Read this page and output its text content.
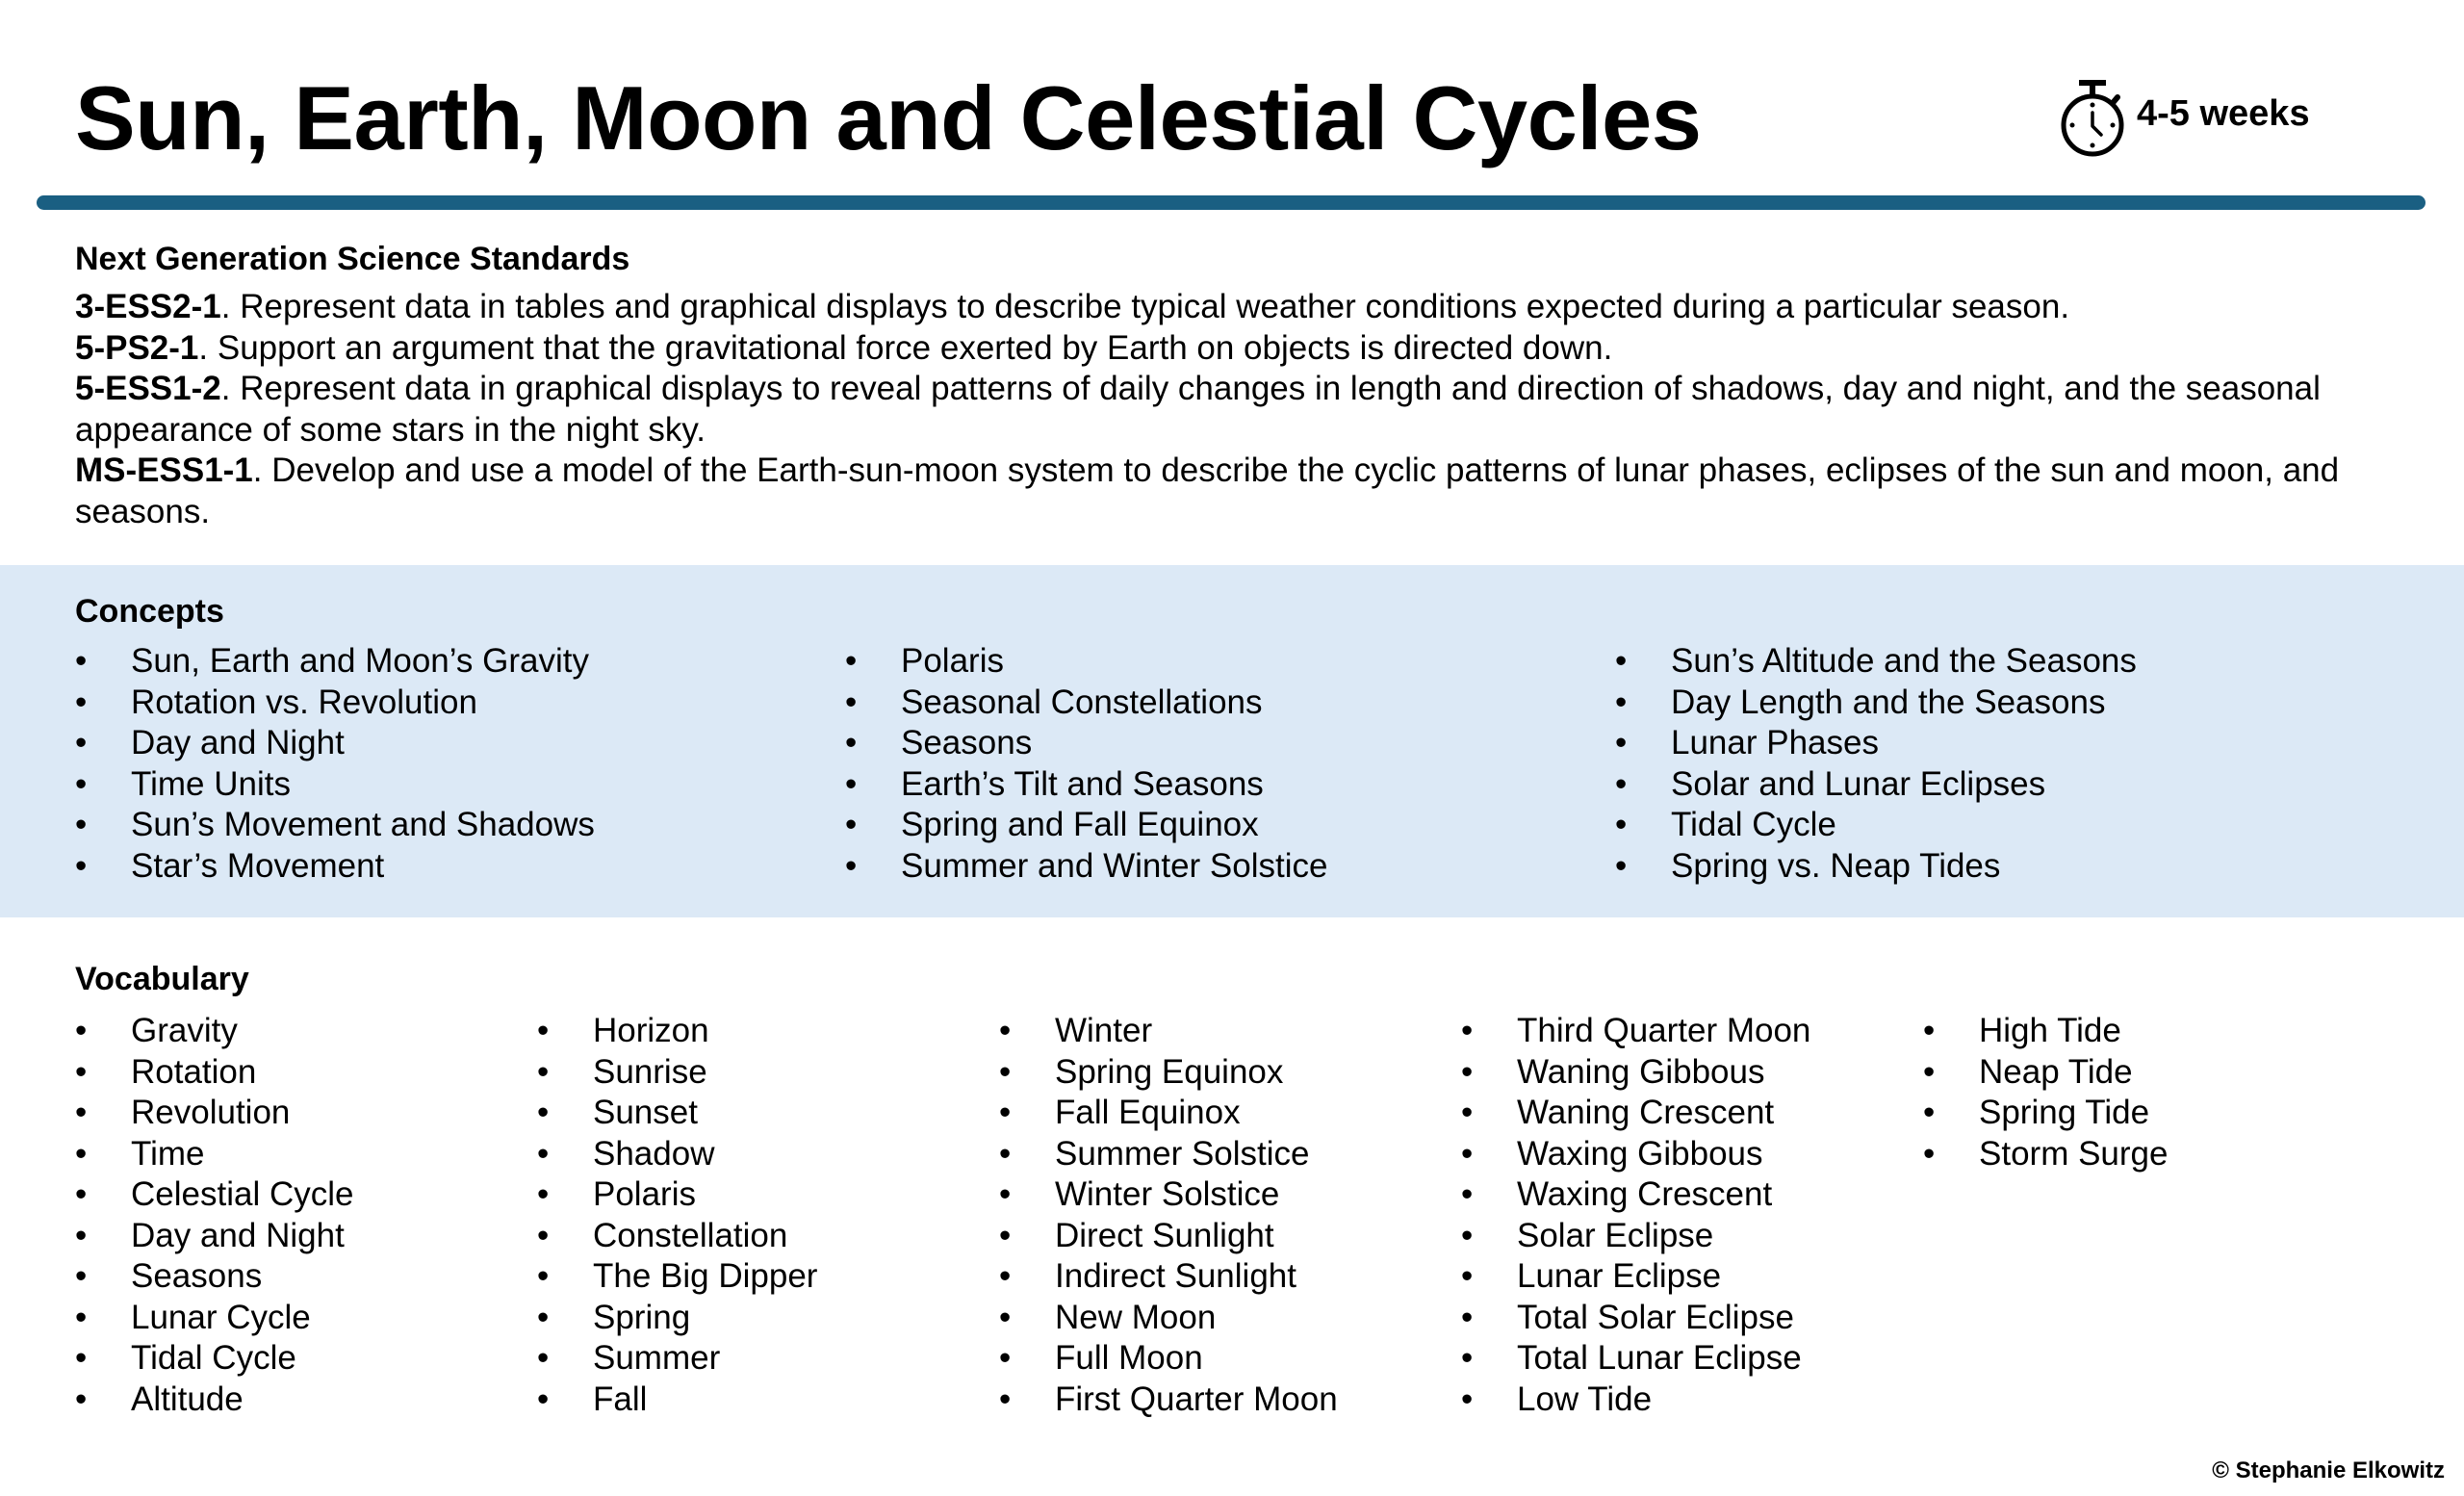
Sun, Earth, Moon and Celestial Cycles	4-5 weeks
Next Generation Science Standards

3-ESS2-1. Represent data in tables and graphical displays to describe typical weather conditions expected during a particular season.

5-PS2-1. Support an argument that the gravitational force exerted by Earth on objects is directed down.

5-ESS1-2. Represent data in graphical displays to reveal patterns of daily changes in length and direction of shadows, day and night, and the seasonal appearance of some stars in the night sky.

MS-ESS1-1. Develop and use a model of the Earth-sun-moon system to describe the cyclic patterns of lunar phases, eclipses of the sun and moon, and seasons.

Concepts
• Sun, Earth and Moon’s Gravity
• Rotation vs. Revolution
• Day and Night
• Time Units
• Sun’s Movement and Shadows
• Star’s Movement
• Polaris
• Seasonal Constellations
• Seasons
• Earth’s Tilt and Seasons
• Spring and Fall Equinox
• Summer and Winter Solstice
• Sun’s Altitude and the Seasons
• Day Length and the Seasons
• Lunar Phases
• Solar and Lunar Eclipses
• Tidal Cycle
• Spring vs. Neap Tides
Vocabulary
• Gravity
• Rotation
• Revolution
• Time
• Celestial Cycle
• Day and Night
• Seasons
• Lunar Cycle
• Tidal Cycle
• Altitude
• Horizon
• Sunrise
• Sunset
• Shadow
• Polaris
• Constellation
• The Big Dipper
• Spring
• Summer
• Fall
• Winter
• Spring Equinox
• Fall Equinox
• Summer Solstice
• Winter Solstice
• Direct Sunlight
• Indirect Sunlight
• New Moon
• Full Moon
• First Quarter Moon
• Third Quarter Moon
• Waning Gibbous
• Waning Crescent
• Waxing Gibbous
• Waxing Crescent
• Solar Eclipse
• Lunar Eclipse
• Total Solar Eclipse
• Total Lunar Eclipse
• Low Tide
• High Tide
• Neap Tide
• Spring Tide
• Storm Surge
© Stephanie Elkowitz
